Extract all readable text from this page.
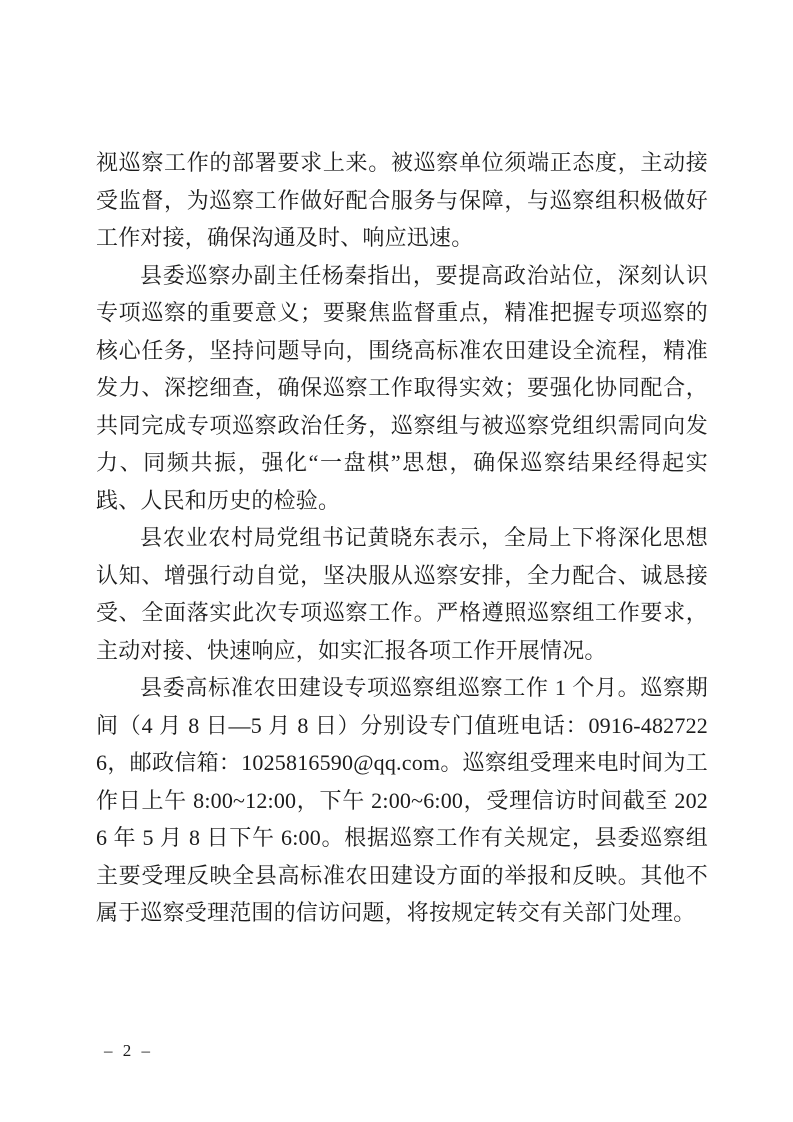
视巡察工作的部署要求上来。被巡察单位须端正态度，主动接受监督，为巡察工作做好配合服务与保障，与巡察组积极做好工作对接，确保沟通及时、响应迅速。

县委巡察办副主任杨秦指出，要提高政治站位，深刻认识专项巡察的重要意义；要聚焦监督重点，精准把握专项巡察的核心任务，坚持问题导向，围绕高标准农田建设全流程，精准发力、深挖细查，确保巡察工作取得实效；要强化协同配合，共同完成专项巡察政治任务，巡察组与被巡察党组织需同向发力、同频共振，强化“一盘棋”思想，确保巡察结果经得起实践、人民和历史的检验。

县农业农村局党组书记黄晓东表示，全局上下将深化思想认知、增强行动自觉，坚决服从巡察安排，全力配合、诚恳接受、全面落实此次专项巡察工作。严格遵照巡察组工作要求，主动对接、快速响应，如实汇报各项工作开展情况。

县委高标准农田建设专项巡察组巡察工作 1 个月。巡察期间（4 月 8 日—5 月 8 日）分别设专门值班电话：0916-4827226，邮政信箱：1025816590@qq.com。巡察组受理来电时间为工作日上午 8:00~12:00，下午 2:00~6:00，受理信访时间截至 2026 年 5 月 8 日下午 6:00。根据巡察工作有关规定，县委巡察组主要受理反映全县高标准农田建设方面的举报和反映。其他不属于巡察受理范围的信访问题，将按规定转交有关部门处理。

– 2 –
